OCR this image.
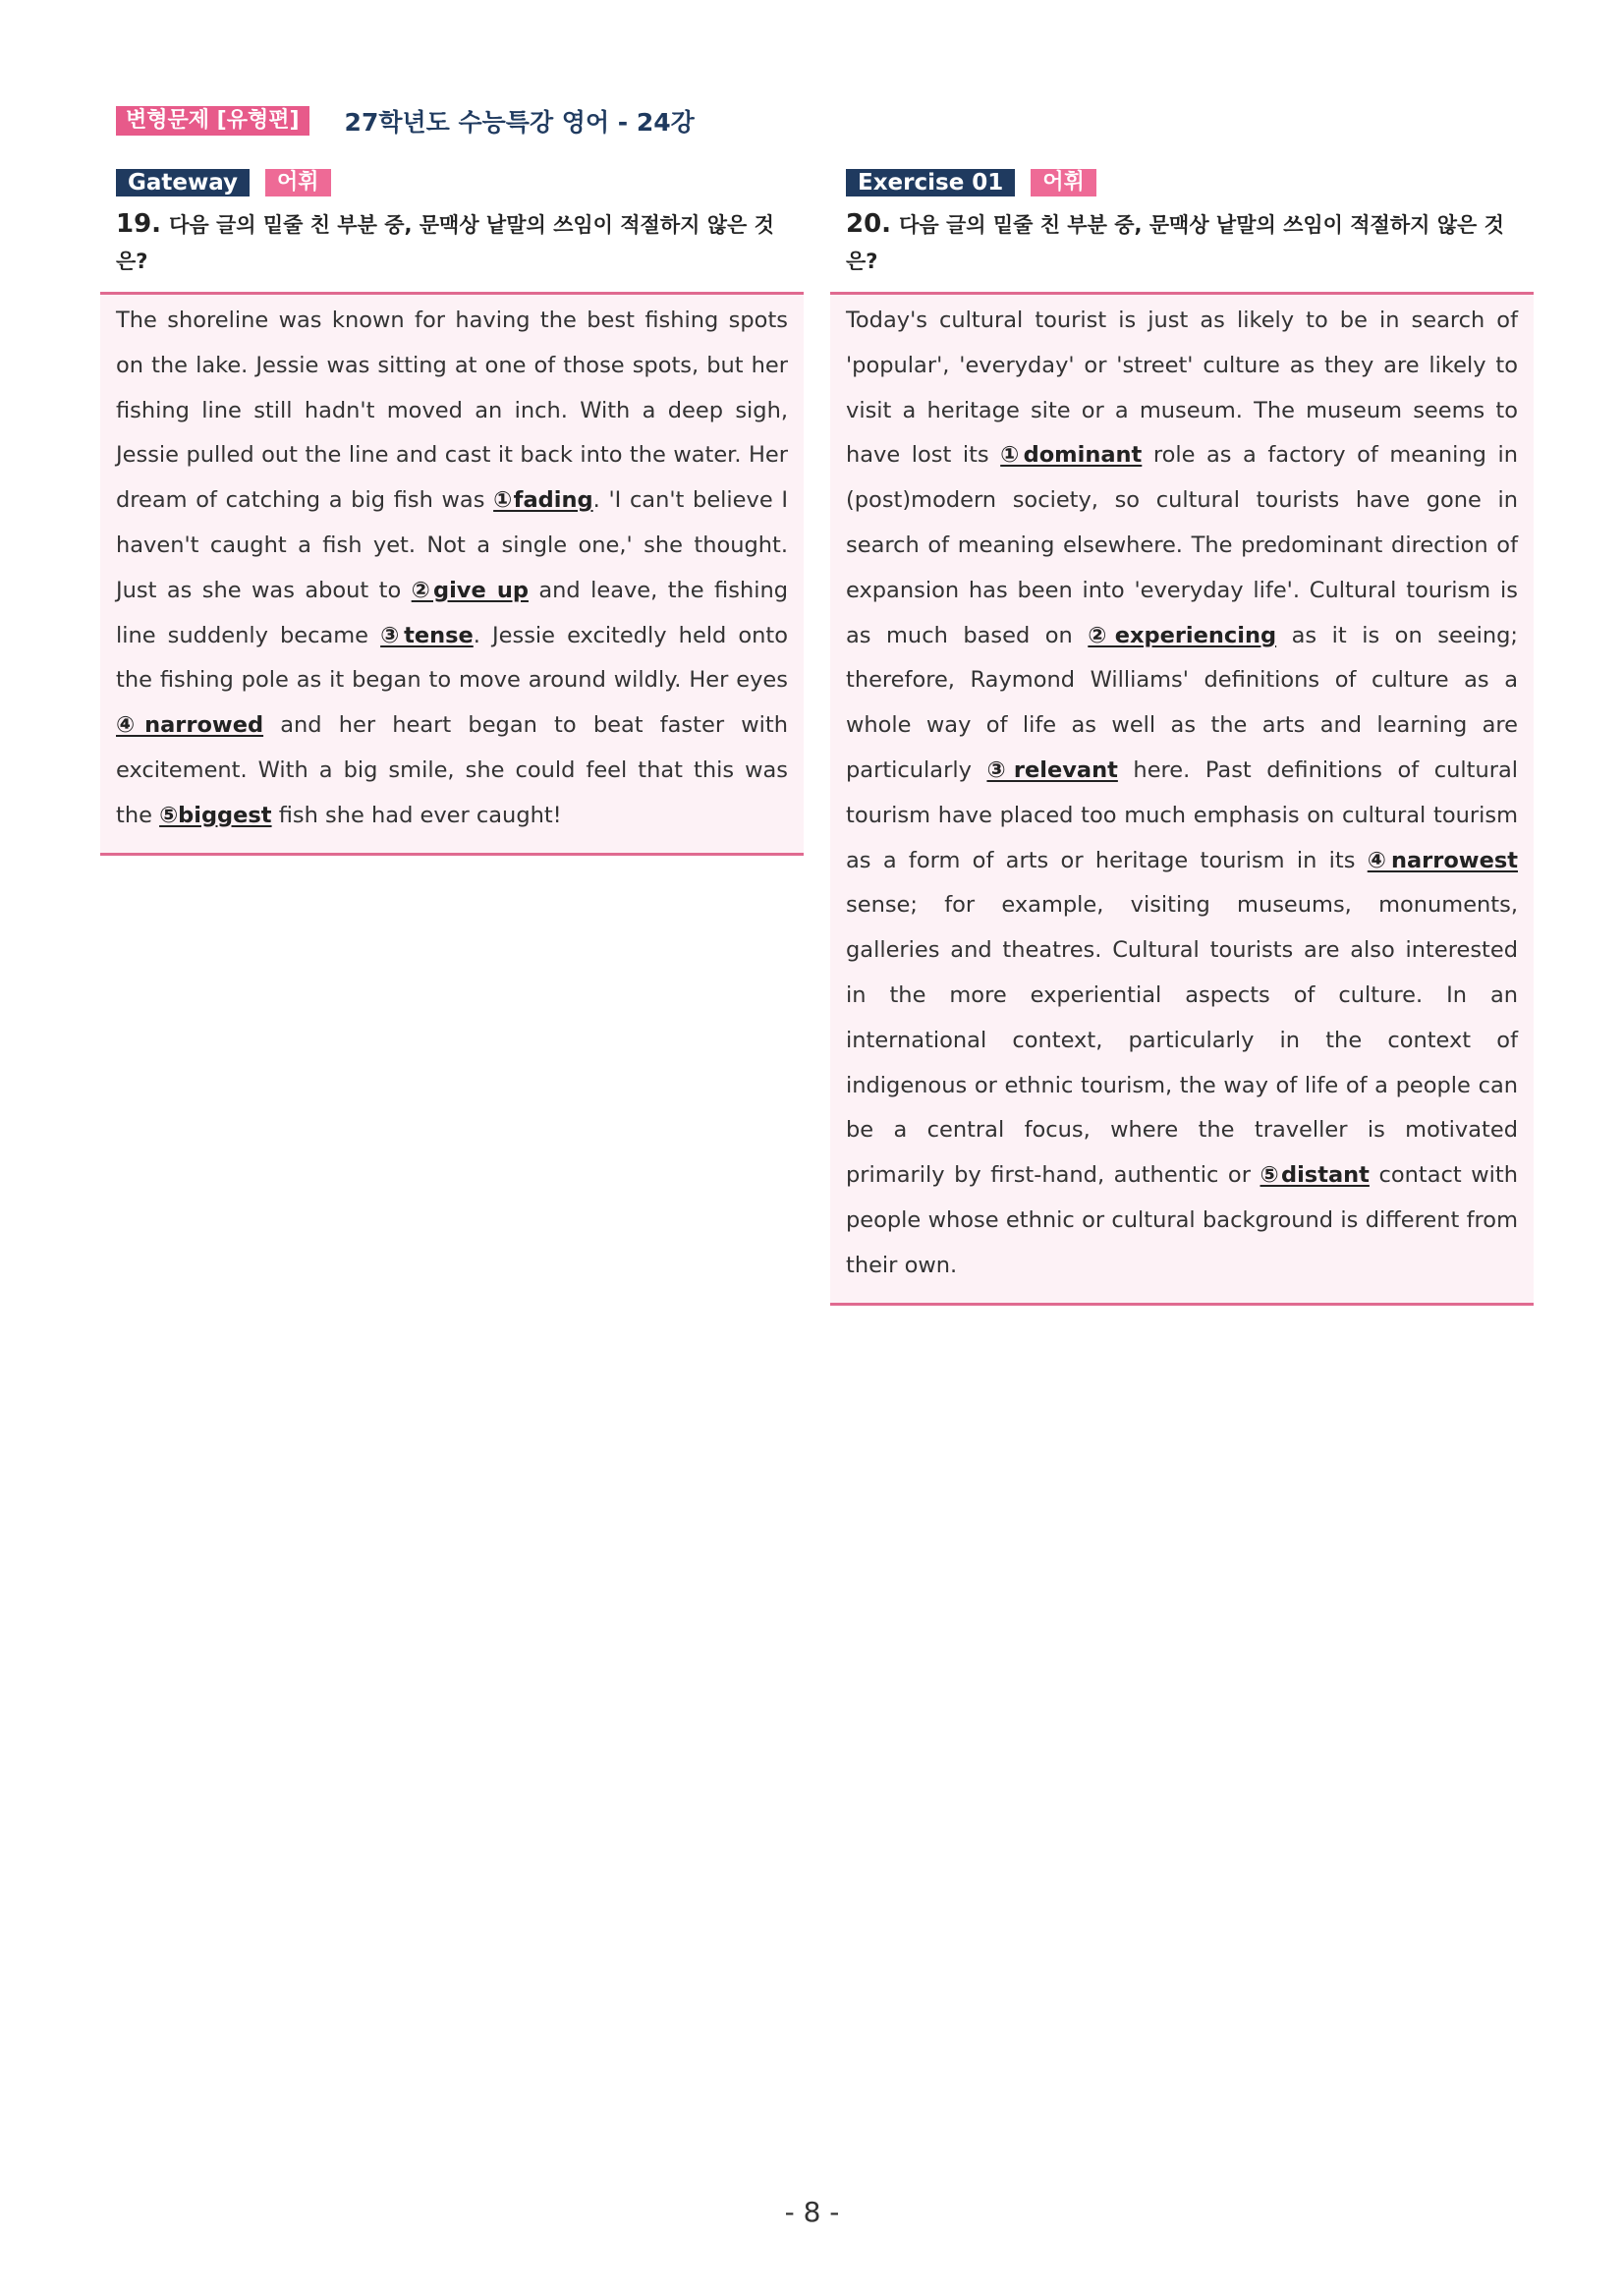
변형문제 [유형편]	27학년도 수능특강 영어 - 24강
Gateway	어휘
19. 다음 글의 밑줄 친 부분 중, 문맥상 낱말의 쓰임이 적절하지 않은 것은?
The shoreline was known for having the best fishing spots on the lake. Jessie was sitting at one of those spots, but her fishing line still hadn't moved an inch. With a deep sigh, Jessie pulled out the line and cast it back into the water. Her dream of catching a big fish was ①fading. 'I can't believe I haven't caught a fish yet. Not a single one,' she thought. Just as she was about to ②give up and leave, the fishing line suddenly became ③tense. Jessie excitedly held onto the fishing pole as it began to move around wildly. Her eyes ④narrowed and her heart began to beat faster with excitement. With a big smile, she could feel that this was the ⑤biggest fish she had ever caught!
Exercise 01	어휘
20. 다음 글의 밑줄 친 부분 중, 문맥상 낱말의 쓰임이 적절하지 않은 것은?
Today's cultural tourist is just as likely to be in search of 'popular', 'everyday' or 'street' culture as they are likely to visit a heritage site or a museum. The museum seems to have lost its ①dominant role as a factory of meaning in (post)modern society, so cultural tourists have gone in search of meaning elsewhere. The predominant direction of expansion has been into 'everyday life'. Cultural tourism is as much based on ②experiencing as it is on seeing; therefore, Raymond Williams' definitions of culture as a whole way of life as well as the arts and learning are particularly ③relevant here. Past definitions of cultural tourism have placed too much emphasis on cultural tourism as a form of arts or heritage tourism in its ④narrowest sense; for example, visiting museums, monuments, galleries and theatres. Cultural tourists are also interested in the more experiential aspects of culture. In an international context, particularly in the context of indigenous or ethnic tourism, the way of life of a people can be a central focus, where the traveller is motivated primarily by first-hand, authentic or ⑤distant contact with people whose ethnic or cultural background is different from their own.
- 8 -
